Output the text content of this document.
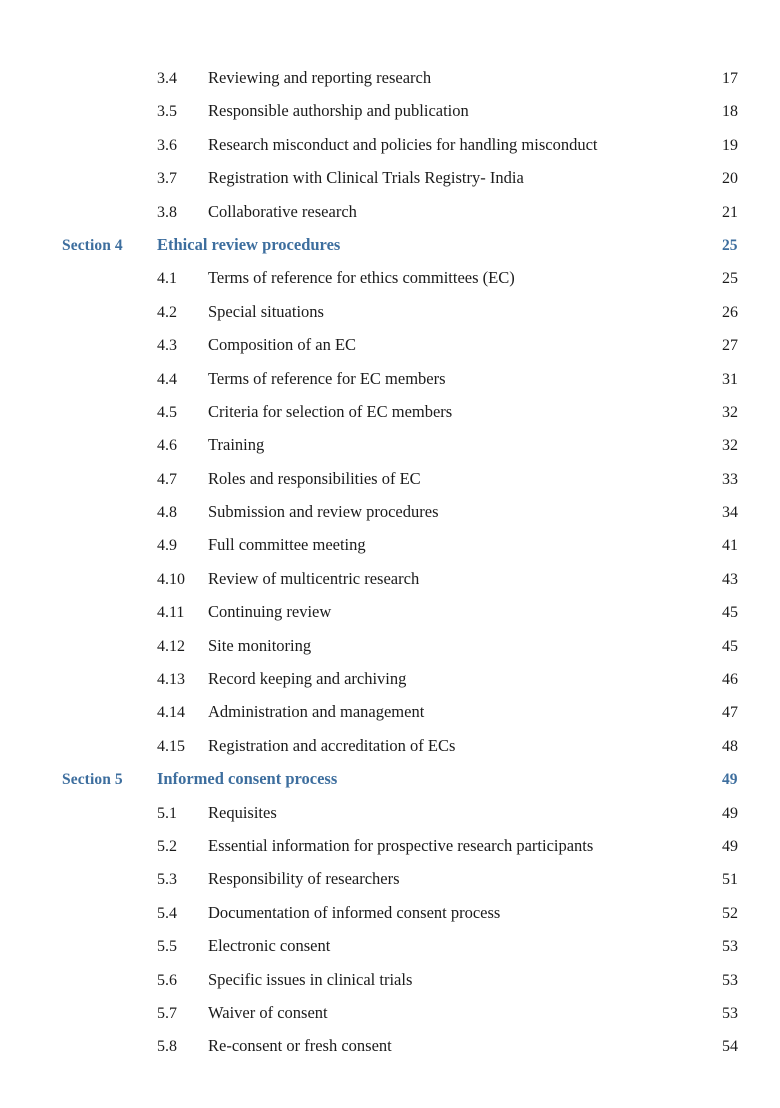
3.4	Reviewing and reporting research	17
3.5	Responsible authorship and publication	18
3.6	Research misconduct and policies for handling misconduct	19
3.7	Registration with Clinical Trials Registry- India	20
3.8	Collaborative research	21
Section 4	Ethical review procedures	25
4.1	Terms of reference for ethics committees (EC)	25
4.2	Special situations	26
4.3	Composition of an EC	27
4.4	Terms of reference for EC members	31
4.5	Criteria for selection of EC members	32
4.6	Training	32
4.7	Roles and responsibilities of EC	33
4.8	Submission and review procedures	34
4.9	Full committee meeting	41
4.10	Review of multicentric research	43
4.11	Continuing review	45
4.12	Site monitoring	45
4.13	Record keeping and archiving	46
4.14	Administration and management	47
4.15	Registration and accreditation of ECs	48
Section 5	Informed consent process	49
5.1	Requisites	49
5.2	Essential information for prospective research participants	49
5.3	Responsibility of researchers	51
5.4	Documentation of informed consent process	52
5.5	Electronic consent	53
5.6	Specific issues in clinical trials	53
5.7	Waiver of consent	53
5.8	Re-consent or fresh consent	54
